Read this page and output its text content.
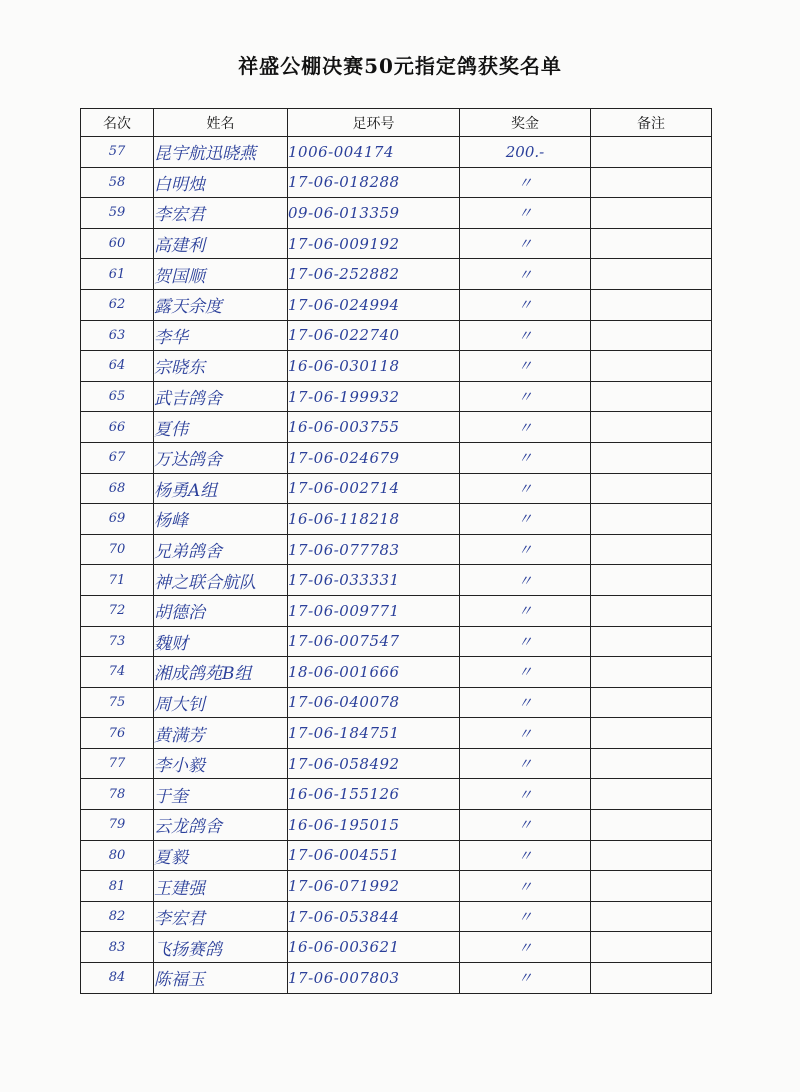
祥盛公棚决赛50元指定鸽获奖名单
名次	姓名	足环号	奖金	备注
57	昆宇航迅晓燕	1006-004174	200.-	
58	白明烛	17-06-018288	〃	
59	李宏君	09-06-013359	〃	
60	高建利	17-06-009192	〃	
61	贺国顺	17-06-252882	〃	
62	露天余度	17-06-024994	〃	
63	李华	17-06-022740	〃	
64	宗晓东	16-06-030118	〃	
65	武吉鸽舍	17-06-199932	〃	
66	夏伟	16-06-003755	〃	
67	万达鸽舍	17-06-024679	〃	
68	杨勇A组	17-06-002714	〃	
69	杨峰	16-06-118218	〃	
70	兄弟鸽舍	17-06-077783	〃	
71	神之联合航队	17-06-033331	〃	
72	胡德治	17-06-009771	〃	
73	魏财	17-06-007547	〃	
74	湘成鸽苑B组	18-06-001666	〃	
75	周大钊	17-06-040078	〃	
76	黄满芳	17-06-184751	〃	
77	李小毅	17-06-058492	〃	
78	于奎	16-06-155126	〃	
79	云龙鸽舍	16-06-195015	〃	
80	夏毅	17-06-004551	〃	
81	王建强	17-06-071992	〃	
82	李宏君	17-06-053844	〃	
83	飞扬赛鸽	16-06-003621	〃	
84	陈福玉	17-06-007803	〃	
